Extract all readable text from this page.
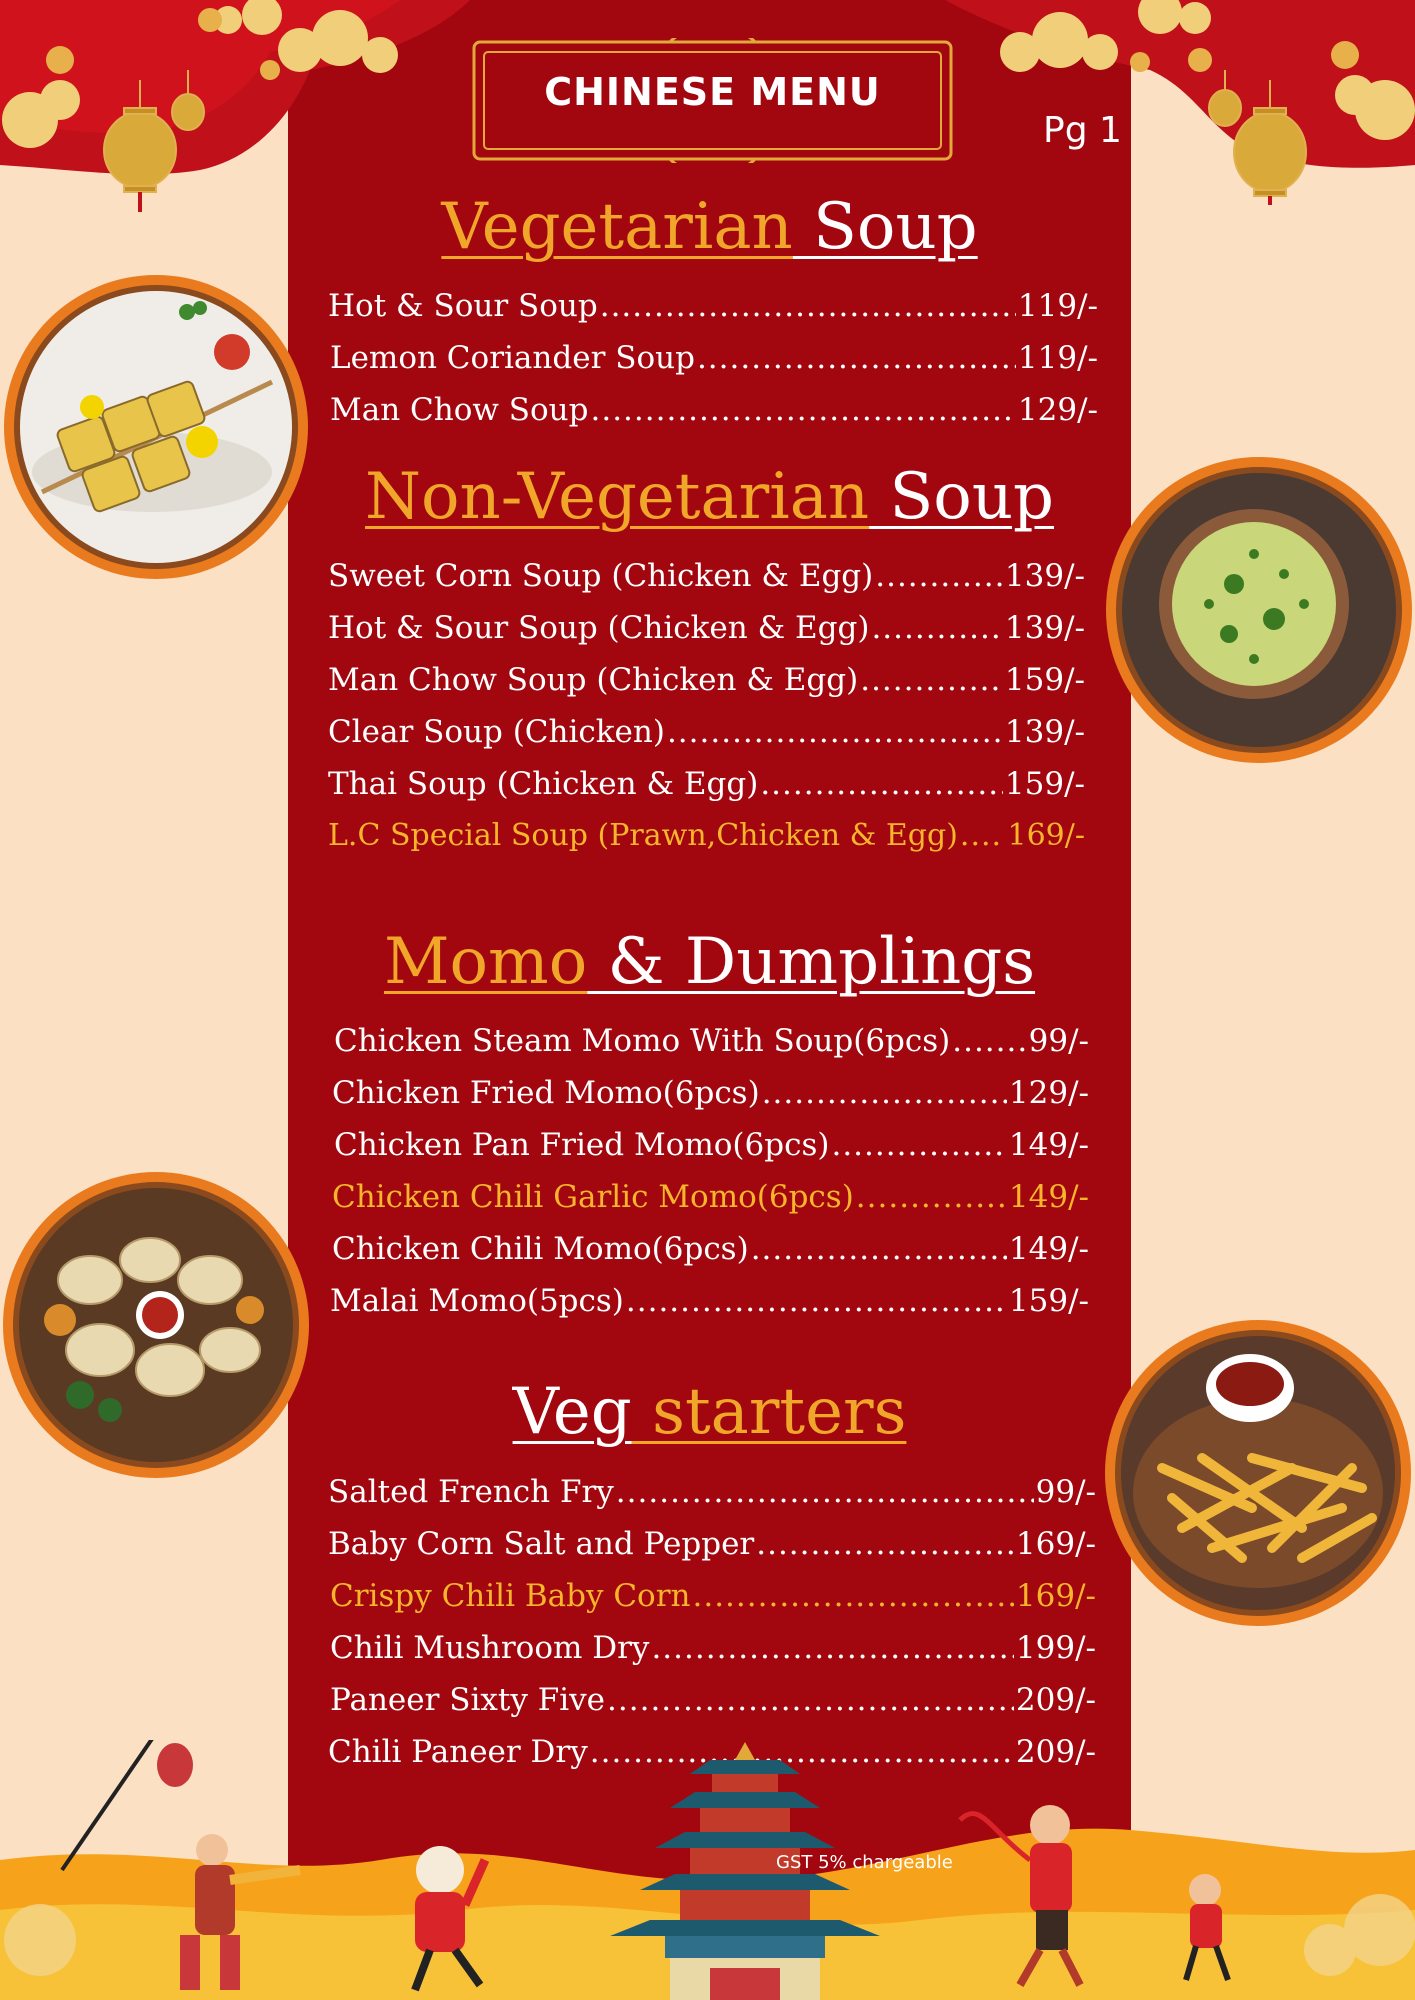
CHINESE MENU
Pg 1
Vegetarian Soup
Hot & Sour Soup .....	119/-
Lemon Coriander Soup .....	119/-
Man Chow Soup .....	129/-
Non-Vegetarian Soup
Sweet Corn Soup (Chicken & Egg) .....	139/-
Hot & Sour Soup (Chicken & Egg) .....	139/-
Man Chow Soup (Chicken & Egg) .....	159/-
Clear Soup (Chicken) .....	139/-
Thai Soup (Chicken & Egg) .....	159/-
L.C Special Soup (Prawn,Chicken & Egg) ..... 169/-
Momo & Dumplings
Chicken Steam Momo With Soup(6pcs) .....	99/-
Chicken Fried Momo(6pcs) .....	129/-
Chicken Pan Fried Momo(6pcs) .....	149/-
Chicken Chili Garlic Momo(6pcs) .....	149/-
Chicken Chili Momo(6pcs) .....	149/-
Malai Momo(5pcs) .....	159/-
Veg starters
Salted French Fry .....	99/-
Baby Corn Salt and Pepper .....	169/-
Crispy Chili Baby Corn .....	169/-
Chili Mushroom Dry .....	199/-
Paneer Sixty Five .....	209/-
Chili Paneer Dry .....	209/-
GST 5% chargeable
